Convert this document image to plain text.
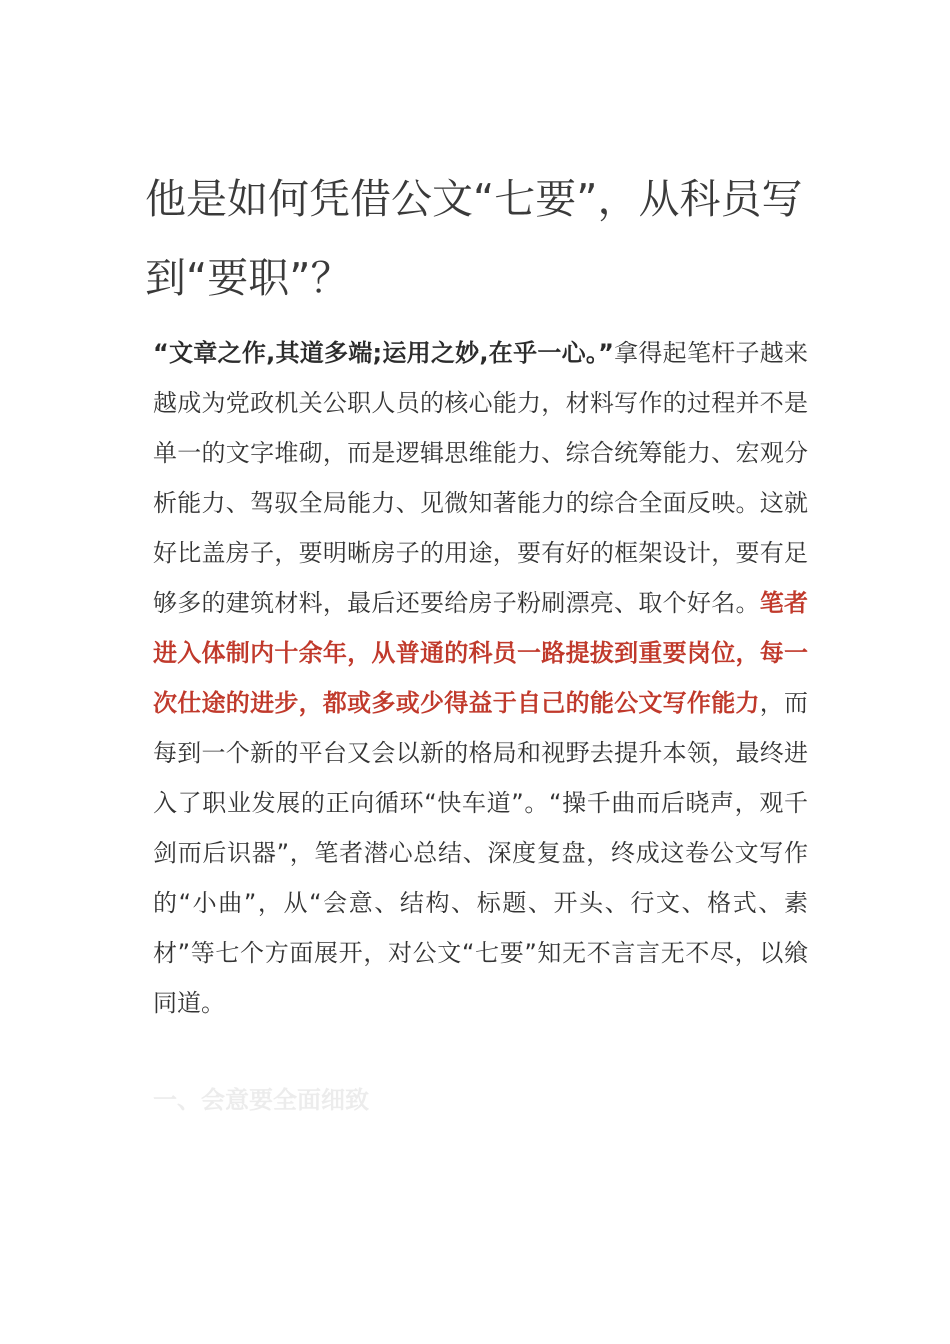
他是如何凭借公文“七要”，从科员写到“要职”？

“文章之作,其道多端;运用之妙,在乎一心。”拿得起笔杆子越来越成为党政机关公职人员的核心能力，材料写作的过程并不是单一的文字堆砌，而是逻辑思维能力、综合统筹能力、宏观分析能力、驾驭全局能力、见微知著能力的综合全面反映。这就好比盖房子，要明晰房子的用途，要有好的框架设计，要有足够多的建筑材料，最后还要给房子粉刷漂亮、取个好名。笔者进入体制内十余年，从普通的科员一路提拔到重要岗位，每一次仕途的进步，都或多或少得益于自己的能公文写作能力，而每到一个新的平台又会以新的格局和视野去提升本领，最终进入了职业发展的正向循环“快车道”。“操千曲而后晓声，观千剑而后识器”，笔者潜心总结、深度复盘，终成这卷公文写作的“小曲”，从“会意、结构、标题、开头、行文、格式、素材”等七个方面展开，对公文“七要”知无不言言无不尽，以飨同道。

一、会意要全面细致
